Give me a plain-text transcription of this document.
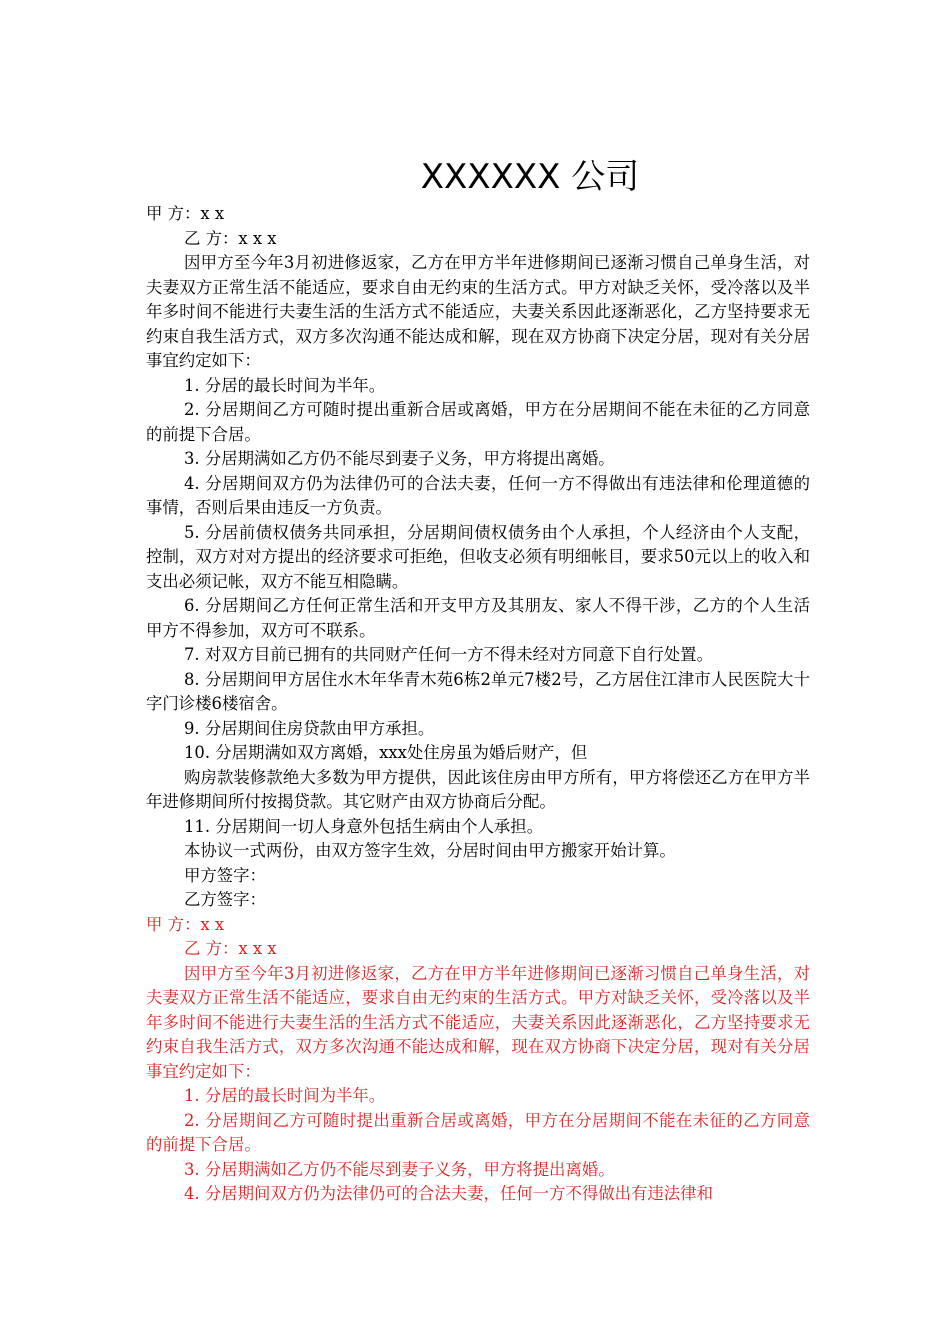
XXXXXX 公司

甲 方：x x

乙 方：x x x

因甲方至今年3月初进修返家，乙方在甲方半年进修期间已逐渐习惯自己单身生活，对夫妻双方正常生活不能适应，要求自由无约束的生活方式。甲方对缺乏关怀，受冷落以及半年多时间不能进行夫妻生活的生活方式不能适应，夫妻关系因此逐渐恶化，乙方坚持要求无约束自我生活方式，双方多次沟通不能达成和解，现在双方协商下决定分居，现对有关分居事宜约定如下：

1. 分居的最长时间为半年。

2. 分居期间乙方可随时提出重新合居或离婚，甲方在分居期间不能在未征的乙方同意的前提下合居。

3. 分居期满如乙方仍不能尽到妻子义务，甲方将提出离婚。

4. 分居期间双方仍为法律仍可的合法夫妻，任何一方不得做出有违法律和伦理道德的事情，否则后果由违反一方负责。

5. 分居前债权债务共同承担，分居期间债权债务由个人承担，个人经济由个人支配，控制，双方对对方提出的经济要求可拒绝，但收支必须有明细帐目，要求50元以上的收入和支出必须记帐，双方不能互相隐瞒。

6. 分居期间乙方任何正常生活和开支甲方及其朋友、家人不得干涉，乙方的个人生活甲方不得参加，双方可不联系。

7. 对双方目前已拥有的共同财产任何一方不得未经对方同意下自行处置。

8. 分居期间甲方居住水木年华青木苑6栋2单元7楼2号，乙方居住江津市人民医院大十字门诊楼6楼宿舍。

9. 分居期间住房贷款由甲方承担。

10. 分居期满如双方离婚，xxx处住房虽为婚后财产，但

购房款装修款绝大多数为甲方提供，因此该住房由甲方所有，甲方将偿还乙方在甲方半年进修期间所付按揭贷款。其它财产由双方协商后分配。

11. 分居期间一切人身意外包括生病由个人承担。

本协议一式两份，由双方签字生效，分居时间由甲方搬家开始计算。

甲方签字：

乙方签字：

甲 方：x x

乙 方：x x x

因甲方至今年3月初进修返家，乙方在甲方半年进修期间已逐渐习惯自己单身生活，对夫妻双方正常生活不能适应，要求自由无约束的生活方式。甲方对缺乏关怀，受冷落以及半年多时间不能进行夫妻生活的生活方式不能适应，夫妻关系因此逐渐恶化，乙方坚持要求无约束自我生活方式，双方多次沟通不能达成和解，现在双方协商下决定分居，现对有关分居事宜约定如下：

1. 分居的最长时间为半年。

2. 分居期间乙方可随时提出重新合居或离婚，甲方在分居期间不能在未征的乙方同意的前提下合居。

3. 分居期满如乙方仍不能尽到妻子义务，甲方将提出离婚。

4. 分居期间双方仍为法律仍可的合法夫妻，任何一方不得做出有违法律和
